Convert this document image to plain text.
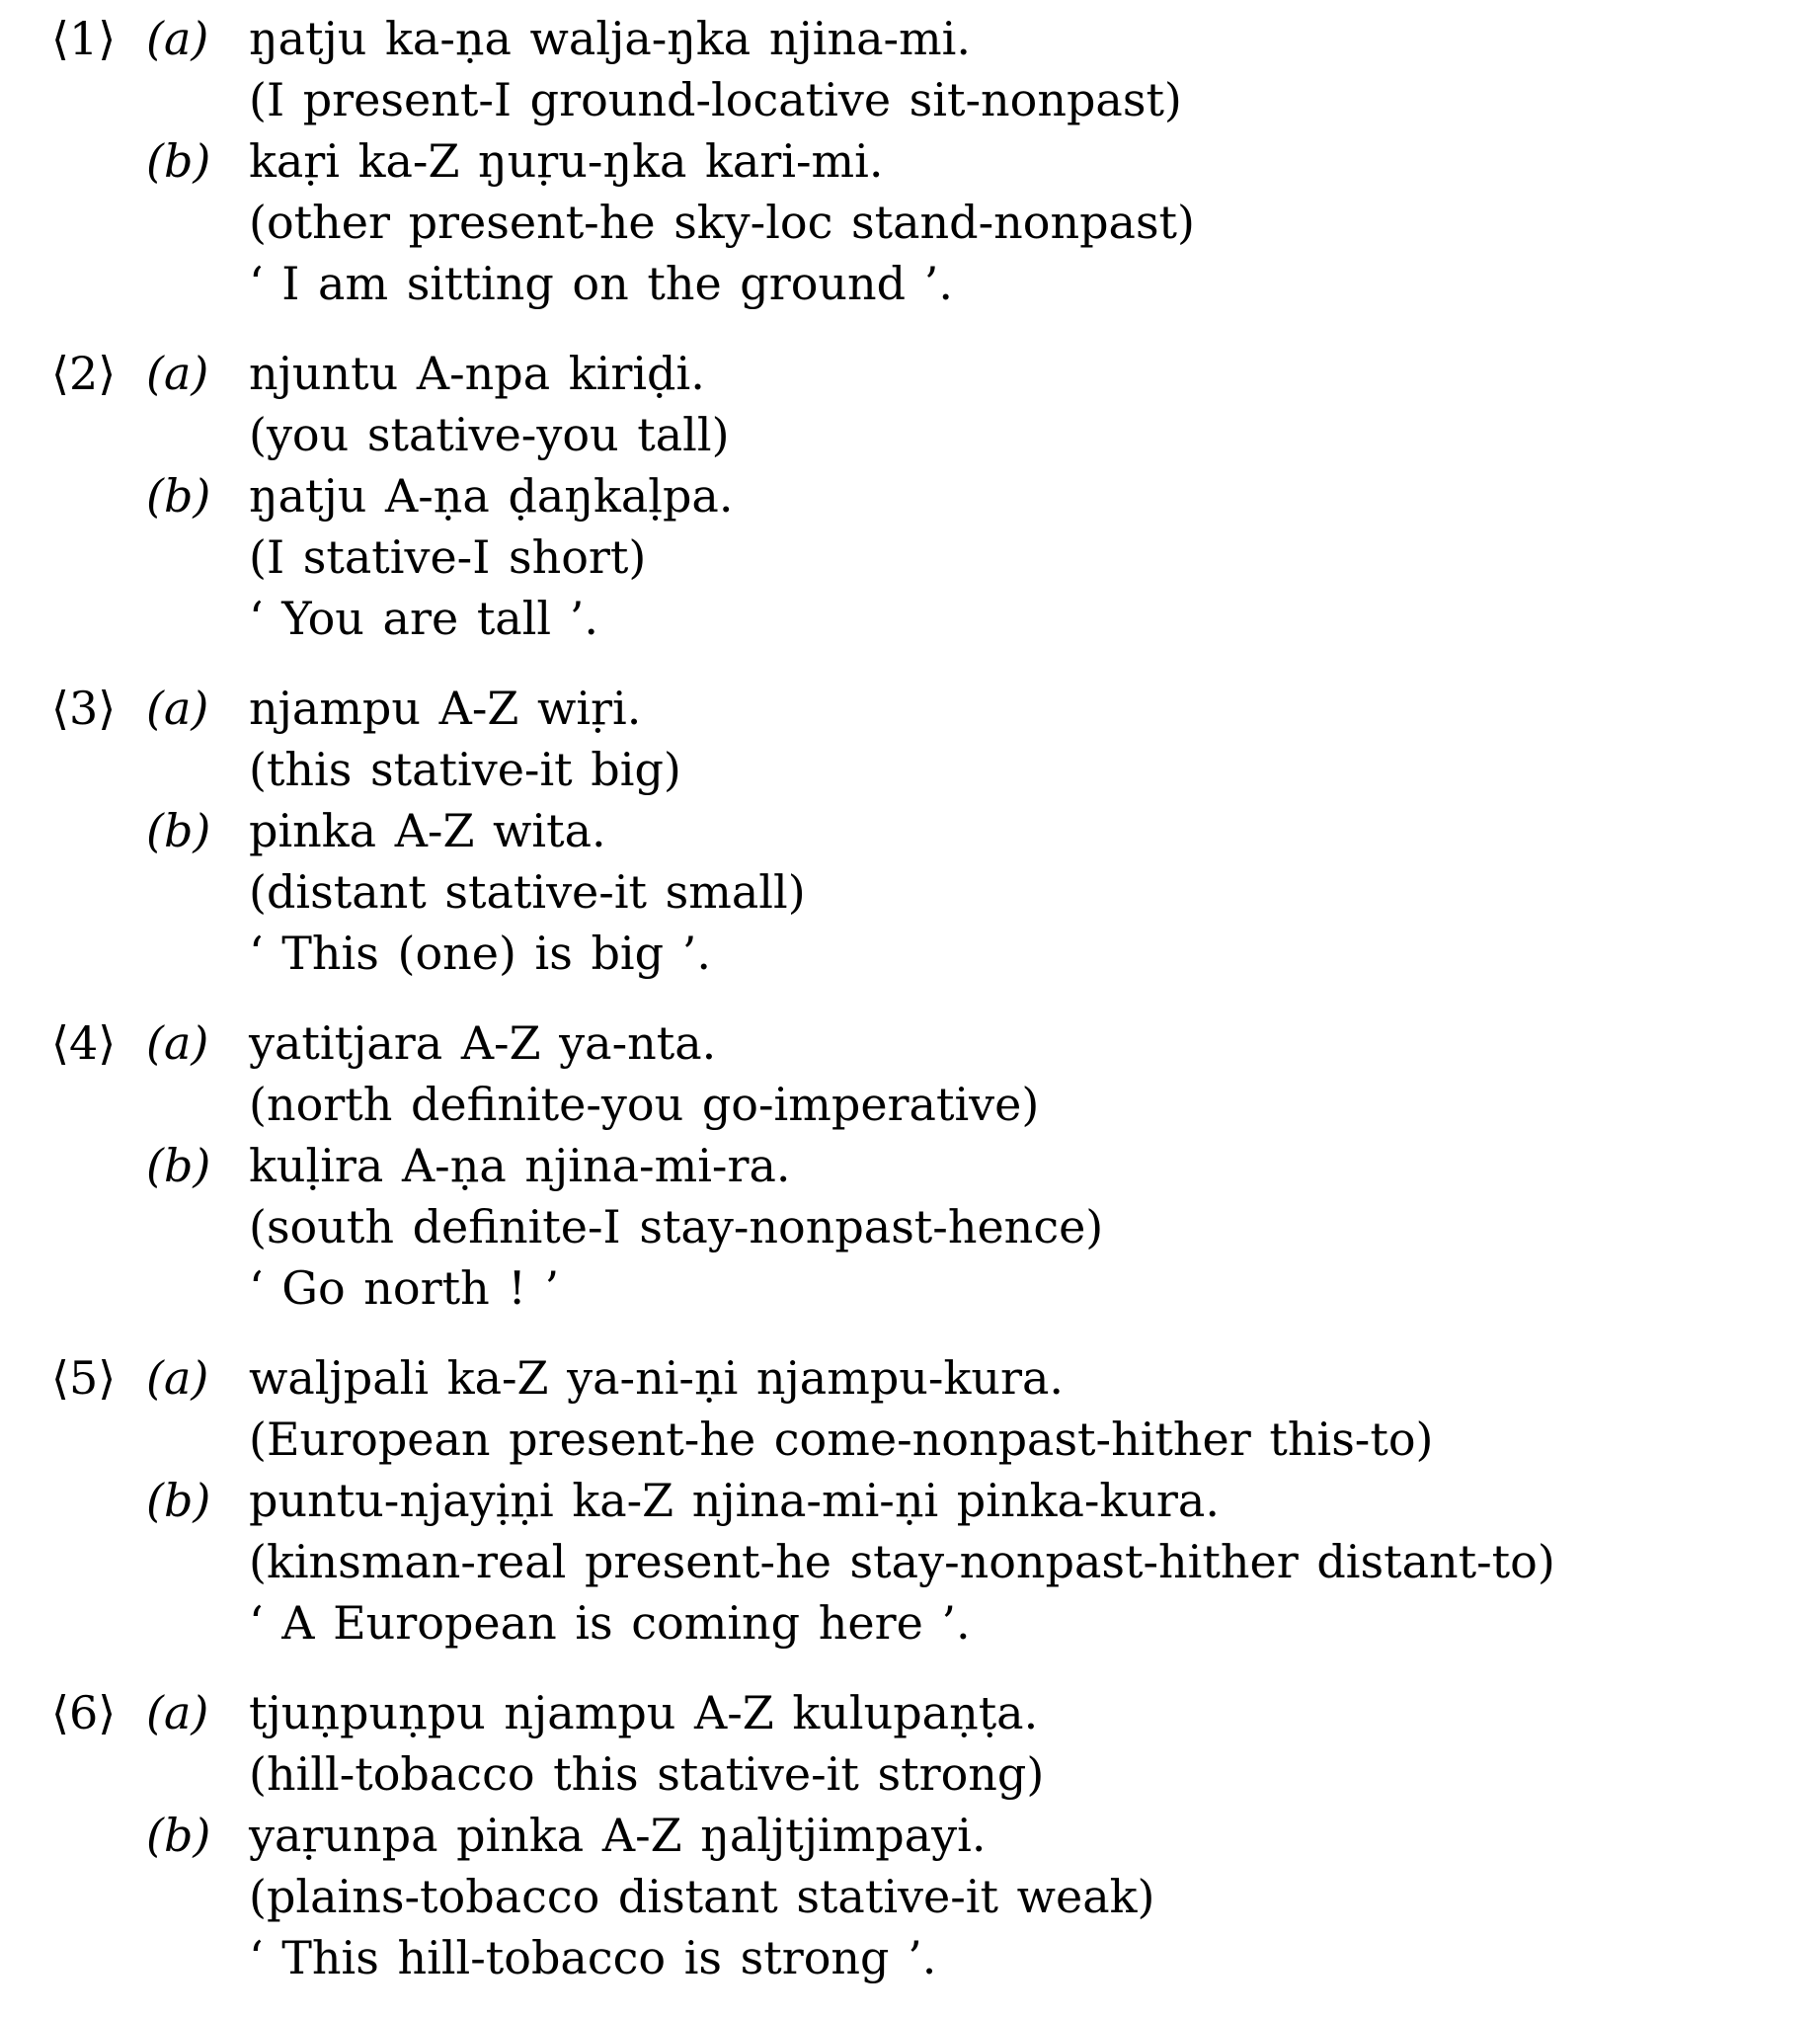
⟨1⟩ (a) ŋatju ka-ṇa walja-ŋka njina-mi.
(I present-I ground-locative sit-nonpast)
(b) kaṛi ka-Z ŋuṛu-ŋka kari-mi.
(other present-he sky-loc stand-nonpast)
‘ I am sitting on the ground ’.
⟨2⟩ (a) njuntu A-npa kiriḍi.
(you stative-you tall)
(b) ŋatju A-ṇa ḍaŋkaḷpa.
(I stative-I short)
‘ You are tall ’.
⟨3⟩ (a) njampu A-Z wiṛi.
(this stative-it big)
(b) pinka A-Z wita.
(distant stative-it small)
‘ This (one) is big ’.
⟨4⟩ (a) yatitjara A-Z ya-nta.
(north definite-you go-imperative)
(b) kuḷira A-ṇa njina-mi-ra.
(south definite-I stay-nonpast-hence)
‘ Go north ! ’
⟨5⟩ (a) waljpali ka-Z ya-ni-ṇi njampu-kura.
(European present-he come-nonpast-hither this-to)
(b) puntu-njayịṇi ka-Z njina-mi-ṇi pinka-kura.
(kinsman-real present-he stay-nonpast-hither distant-to)
‘ A European is coming here ’.
⟨6⟩ (a) tjuṇpuṇpu njampu A-Z kulupaṇṭa.
(hill-tobacco this stative-it strong)
(b) yaṛunpa pinka A-Z ŋaljtjimpayi.
(plains-tobacco distant stative-it weak)
‘ This hill-tobacco is strong ’.
